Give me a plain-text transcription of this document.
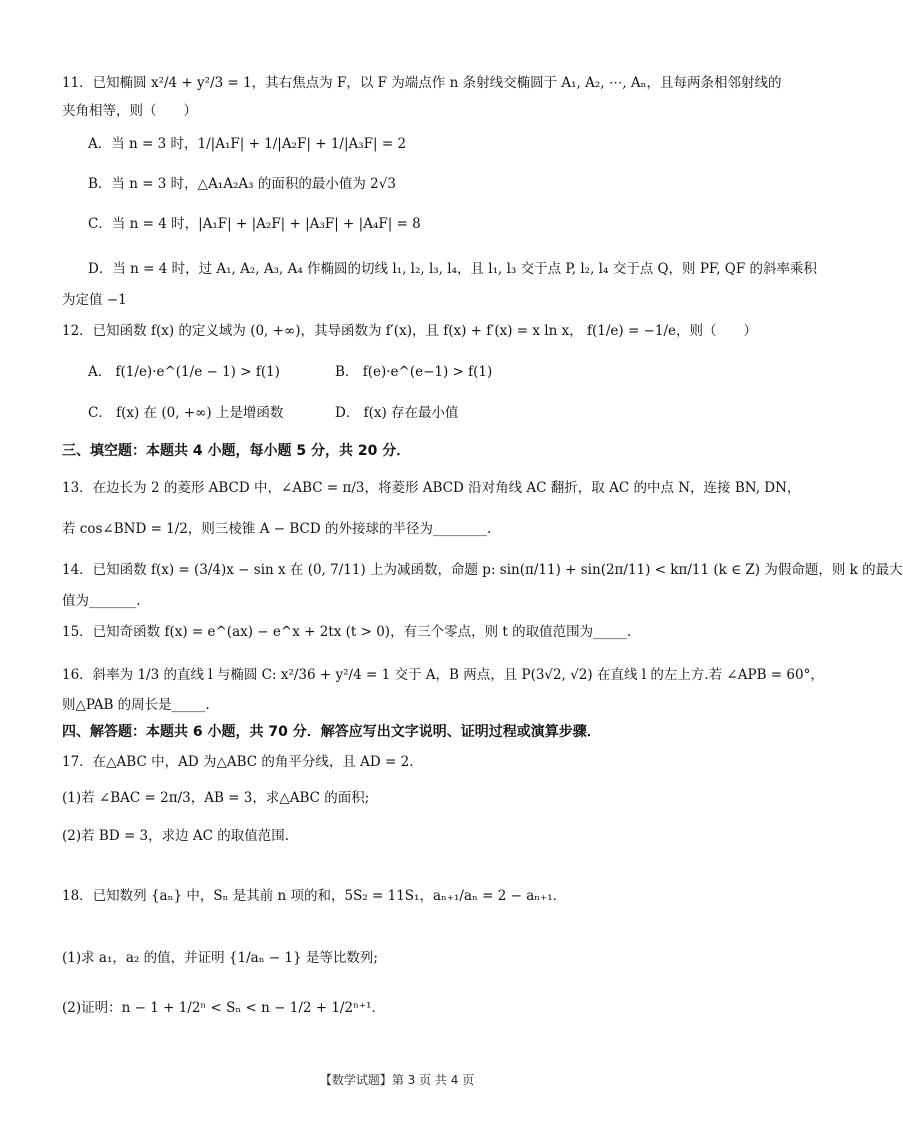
11．已知椭圆 x²/4 + y²/3 = 1，其右焦点为 F，以 F 为端点作 n 条射线交椭圆于 A₁, A₂, ⋯, Aₙ，且每两条相邻射线的
夹角相等，则（　　）
A．当 n = 3 时，1/|A₁F| + 1/|A₂F| + 1/|A₃F| = 2
B．当 n = 3 时，△A₁A₂A₃ 的面积的最小值为 2√3
C．当 n = 4 时，|A₁F| + |A₂F| + |A₃F| + |A₄F| = 8
D．当 n = 4 时，过 A₁, A₂, A₃, A₄ 作椭圆的切线 l₁, l₂, l₃, l₄，且 l₁, l₃ 交于点 P, l₂, l₄ 交于点 Q，则 PF, QF 的斜率乘积
为定值 −1
12．已知函数 f(x) 的定义域为 (0, +∞)，其导函数为 f′(x)，且 f(x) + f′(x) = x ln x， f(1/e) = −1/e，则（　　）
A． f(1/e)·e^(1/e − 1) > f(1)	B． f(e)·e^(e−1) > f(1)
C． f(x) 在 (0, +∞) 上是增函数	D． f(x) 存在最小值
三、填空题：本题共 4 小题，每小题 5 分，共 20 分．
13．在边长为 2 的菱形 ABCD 中，∠ABC = π/3，将菱形 ABCD 沿对角线 AC 翻折，取 AC 的中点 N，连接 BN, DN，
若 cos∠BND = 1/2，则三棱锥 A − BCD 的外接球的半径为________.
14．已知函数 f(x) = (3/4)x − sin x 在 (0, 7/11) 上为减函数，命题 p: sin(π/11) + sin(2π/11) < kπ/11 (k ∈ Z) 为假命题，则 k 的最大
值为_______.
15．已知奇函数 f(x) = e^(ax) − e^x + 2tx (t > 0)，有三个零点，则 t 的取值范围为_____.
16．斜率为 1/3 的直线 l 与椭圆 C: x²/36 + y²/4 = 1 交于 A，B 两点，且 P(3√2, √2) 在直线 l 的左上方.若 ∠APB = 60°，
则△PAB 的周长是_____.
四、解答题：本题共 6 小题，共 70 分．解答应写出文字说明、证明过程或演算步骤．
17．在△ABC 中，AD 为△ABC 的角平分线，且 AD = 2．
(1)若 ∠BAC = 2π/3，AB = 3，求△ABC 的面积;
(2)若 BD = 3，求边 AC 的取值范围.
18．已知数列 {aₙ} 中，Sₙ 是其前 n 项的和，5S₂ = 11S₁，aₙ₊₁/aₙ = 2 − aₙ₊₁．
(1)求 a₁，a₂ 的值，并证明 {1/aₙ − 1} 是等比数列;
(2)证明：n − 1 + 1/2ⁿ < Sₙ < n − 1/2 + 1/2ⁿ⁺¹．
【数学试题】第 3 页 共 4 页
